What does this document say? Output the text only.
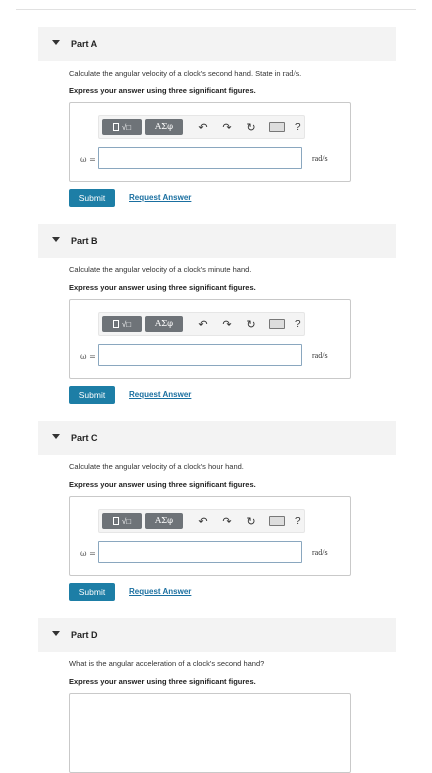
Part A
Calculate the angular velocity of a clock's second hand. State in rad/s.
Express your answer using three significant figures.
√□	ΑΣφ	↶	↷	↻	?
ω =	rad/s
Submit	Request Answer
Part B
Calculate the angular velocity of a clock's minute hand.
Express your answer using three significant figures.
√□	ΑΣφ	↶	↷	↻	?
ω =	rad/s
Submit	Request Answer
Part C
Calculate the angular velocity of a clock's hour hand.
Express your answer using three significant figures.
√□	ΑΣφ	↶	↷	↻	?
ω =	rad/s
Submit	Request Answer
Part D
What is the angular acceleration of a clock's second hand?
Express your answer using three significant figures.
